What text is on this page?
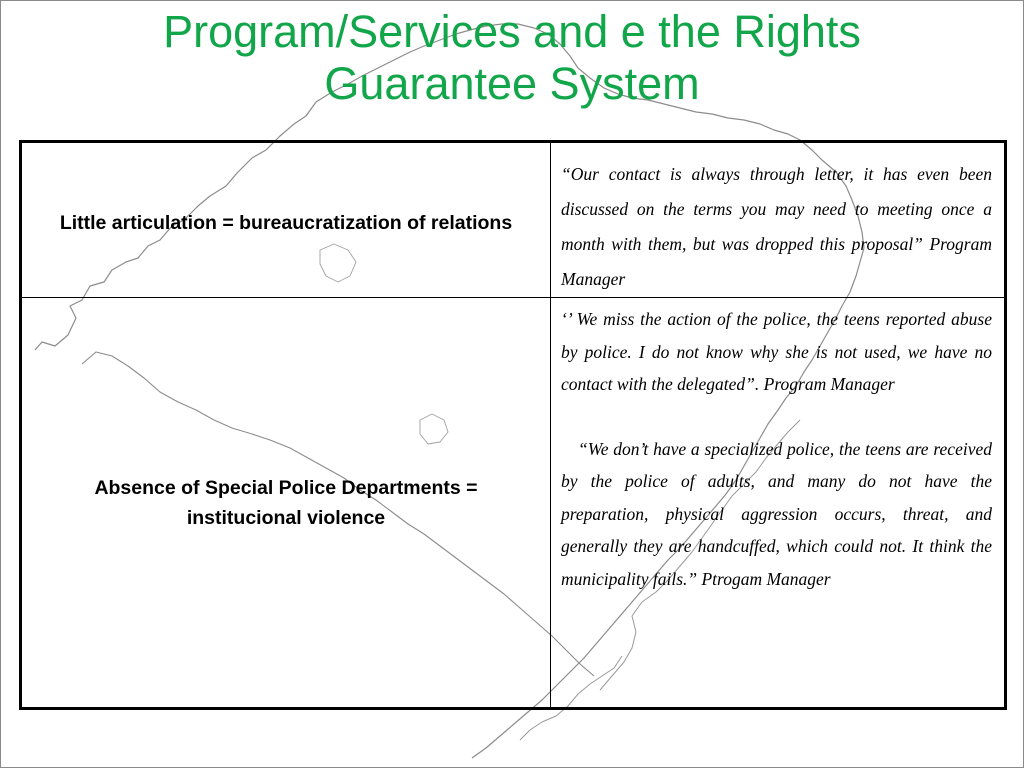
Program/Services and e the Rights
Guarantee System
Little articulation = bureaucratization of relations	“Our contact is always through letter, it has even been discussed on the terms you may need to meeting once a month with them, but was dropped this proposal” Program Manager

Absence of Special Police Departments = institucional violence	‘’ We miss the action of the police, the teens reported abuse by police. I do not know why she is not used, we have no contact with the delegated”. Program Manager

“We don’t have a specialized police, the teens are received by the police of adults, and many do not have the preparation, physical aggression occurs, threat, and generally they are handcuffed, which could not. It think the municipality fails.” Ptrogam Manager
